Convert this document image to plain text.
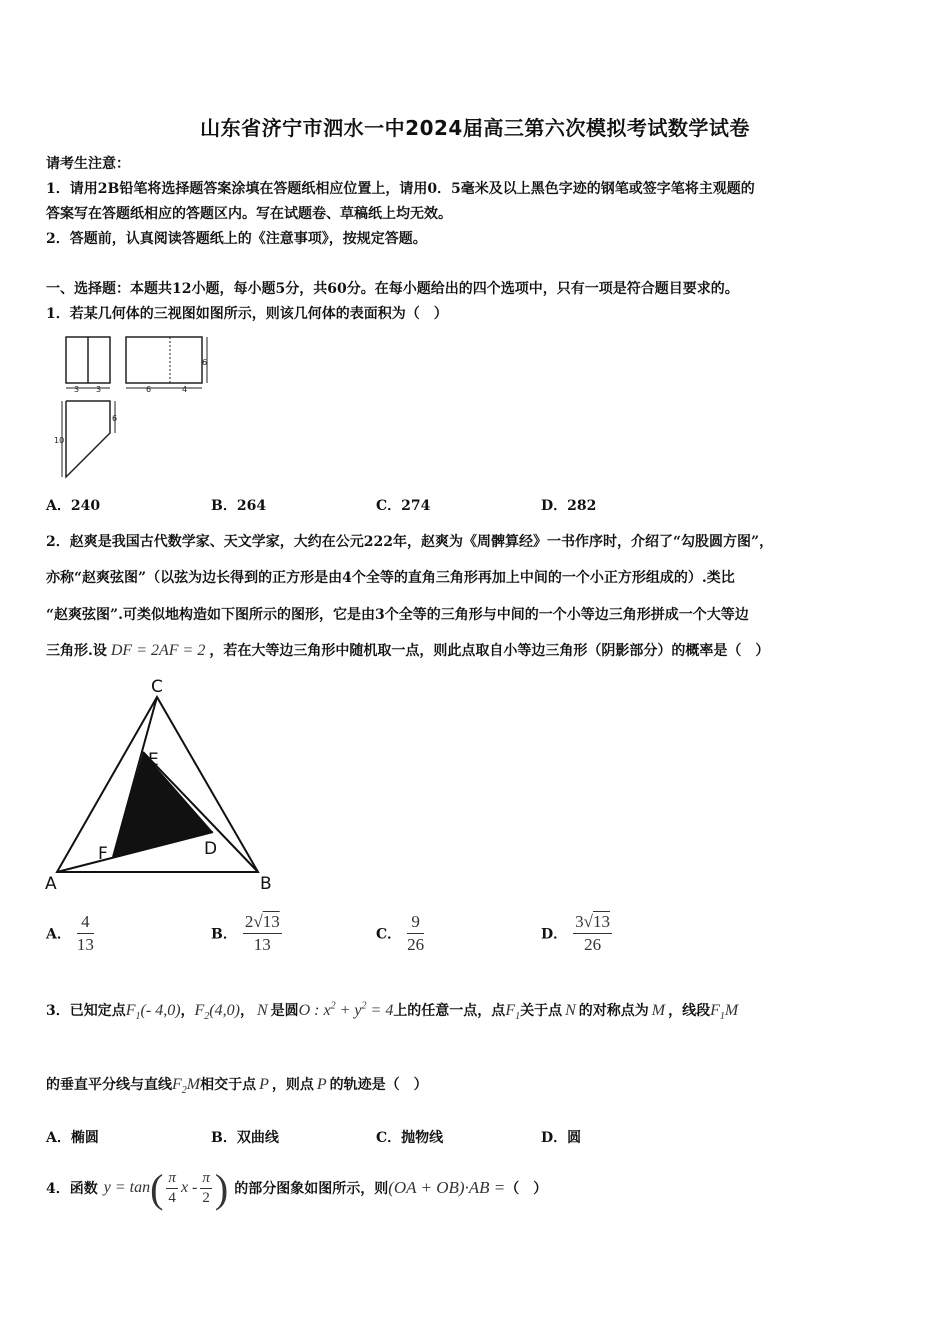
山东省济宁市泗水一中2024届高三第六次模拟考试数学试卷
请考生注意：
1．请用2B铅笔将选择题答案涂填在答题纸相应位置上，请用0．5毫米及以上黑色字迹的钢笔或签字笔将主观题的
答案写在答题纸相应的答题区内。写在试题卷、草稿纸上均无效。
2．答题前，认真阅读答题纸上的《注意事项》，按规定答题。
一、选择题：本题共12小题，每小题5分，共60分。在每小题给出的四个选项中，只有一项是符合题目要求的。
1．若某几何体的三视图如图所示，则该几何体的表面积为（　）
3 3	6	4
6
10
6
A．240	B．264	C．274	D．282
2．赵爽是我国古代数学家、天文学家，大约在公元222年，赵爽为《周髀算经》一书作序时，介绍了“勾股圆方图”，
亦称“赵爽弦图”（以弦为边长得到的正方形是由4个全等的直角三角形再加上中间的一个小正方形组成的）.类比
“赵爽弦图”.可类似地构造如下图所示的图形，它是由3个全等的三角形与中间的一个小等边三角形拼成一个大等边
三角形.设 DF = 2AF = 2 ，若在大等边三角形中随机取一点，则此点取自小等边三角形（阴影部分）的概率是（　）
C
E
D
F
A	B
A． $\frac{4}{13}$	B． $\frac{2√13}{13}$	C． $\frac{9}{26}$	D． $\frac{3√13}{26}$
3．已知定点$F_1(-$ 4,0)，$F_2(4,0)$， N 是圆O : $x^2 + y^2 = 4$上的任意一点，点$F_1$关于点 N 的对称点为 M ，线段$F_1M$
的垂直平分线与直线$F_2M$相交于点 P ，则点 P 的轨迹是（　）
A．椭圆	B．双曲线	C．抛物线	D．圆
4．函数 y = tan ( $\frac{\pi}{4}$ x - $\frac{\pi}{2}$ ) 的部分图象如图所示，则 (OA + OB)·AB = （　）
